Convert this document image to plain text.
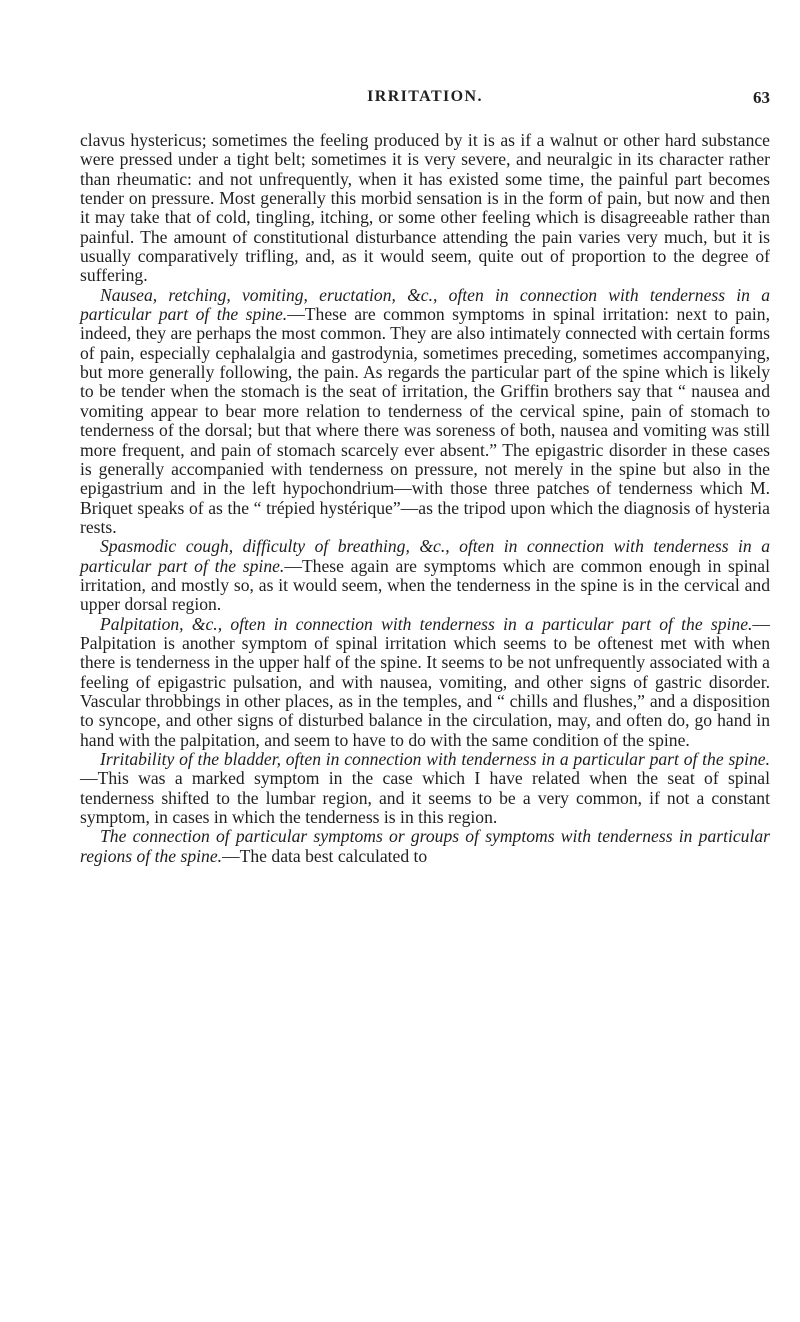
IRRITATION.	63

clavus hystericus; sometimes the feeling produced by it is as if a walnut or other hard substance were pressed under a tight belt; sometimes it is very severe, and neuralgic in its character rather than rheumatic: and not unfrequently, when it has existed some time, the painful part becomes tender on pressure. Most generally this morbid sensation is in the form of pain, but now and then it may take that of cold, tingling, itching, or some other feeling which is disagreeable rather than painful. The amount of constitutional disturbance attending the pain varies very much, but it is usually comparatively trifling, and, as it would seem, quite out of proportion to the degree of suffering.

Nausea, retching, vomiting, eructation, &c., often in connection with tenderness in a particular part of the spine.—These are common symptoms in spinal irritation: next to pain, indeed, they are perhaps the most common. They are also intimately connected with certain forms of pain, especially cephalalgia and gastrodynia, sometimes preceding, sometimes accompanying, but more generally following, the pain. As regards the particular part of the spine which is likely to be tender when the stomach is the seat of irritation, the Griffin brothers say that “ nausea and vomiting appear to bear more relation to tenderness of the cervical spine, pain of stomach to tenderness of the dorsal; but that where there was soreness of both, nausea and vomiting was still more frequent, and pain of stomach scarcely ever absent.” The epigastric disorder in these cases is generally accompanied with tenderness on pressure, not merely in the spine but also in the epigastrium and in the left hypochondrium—with those three patches of tenderness which M. Briquet speaks of as the “ trépied hystérique”—as the tripod upon which the diagnosis of hysteria rests.

Spasmodic cough, difficulty of breathing, &c., often in connection with tenderness in a particular part of the spine.—These again are symptoms which are common enough in spinal irritation, and mostly so, as it would seem, when the tenderness in the spine is in the cervical and upper dorsal region.

Palpitation, &c., often in connection with tenderness in a particular part of the spine.—Palpitation is another symptom of spinal irritation which seems to be oftenest met with when there is tenderness in the upper half of the spine. It seems to be not unfrequently associated with a feeling of epigastric pulsation, and with nausea, vomiting, and other signs of gastric disorder. Vascular throbbings in other places, as in the temples, and “ chills and flushes,” and a disposition to syncope, and other signs of disturbed balance in the circulation, may, and often do, go hand in hand with the palpitation, and seem to have to do with the same condition of the spine.

Irritability of the bladder, often in connection with tenderness in a particular part of the spine.—This was a marked symptom in the case which I have related when the seat of spinal tenderness shifted to the lumbar region, and it seems to be a very common, if not a constant symptom, in cases in which the tenderness is in this region.

The connection of particular symptoms or groups of symptoms with tenderness in particular regions of the spine.—The data best calculated to
